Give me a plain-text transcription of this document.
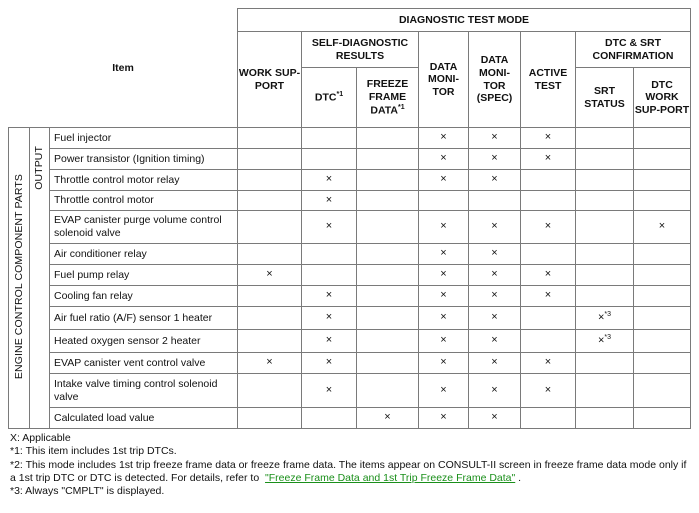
Item			DIAGNOSTIC TEST MODE							
			WORK SUP-PORT	SELF-DIAGNOSTIC RESULTS		DATA MONI-TOR	DATA MONI-TOR (SPEC)	ACTIVE TEST	DTC & SRT CONFIRMATION	
				DTC$^{*1}$	FREEZE FRAME DATA$^{*1}$				SRT STATUS	DTC WORK SUP-PORT
ENGINE CONTROL COMPONENT PARTS	OUTPUT	Fuel injector				×	×	×		
		Power transistor (Ignition timing)				×	×	×		
		Throttle control motor relay		×		×	×			
		Throttle control motor		×						
		EVAP canister purge volume control solenoid valve		×		×	×	×		×
		Air conditioner relay				×	×			
		Fuel pump relay	×			×	×	×		
		Cooling fan relay		×		×	×	×		
		Air fuel ratio (A/F) sensor 1 heater		×		×	×		×$^{*3}$	
		Heated oxygen sensor 2 heater		×		×	×		×$^{*3}$	
		EVAP canister vent control valve	×	×		×	×	×		
		Intake valve timing control solenoid valve		×		×	×	×		
		Calculated load value			×	×	×			

X: Applicable

*1: This item includes 1st trip DTCs.

*2: This mode includes 1st trip freeze frame data or freeze frame data. The items appear on CONSULT-II screen in freeze frame data mode only if a 1st trip DTC or DTC is detected. For details, refer to "Freeze Frame Data and 1st Trip Freeze Frame Data" .

*3: Always "CMPLT" is displayed.
